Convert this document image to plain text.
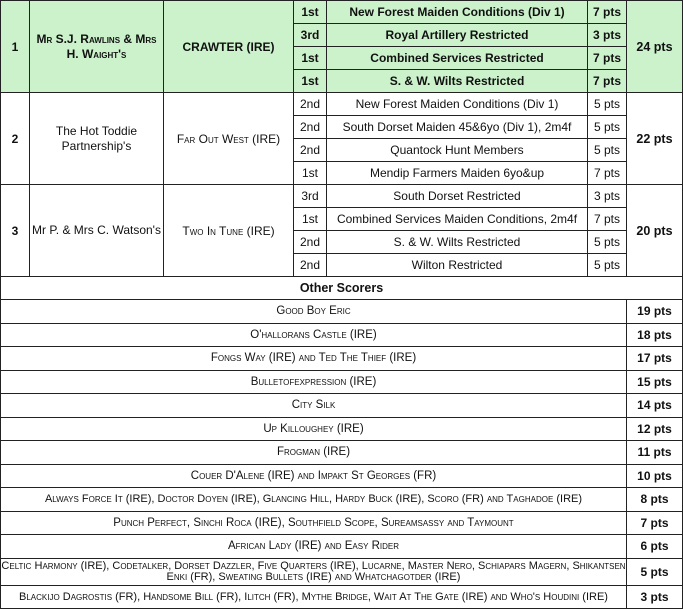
1	Mr S.J. Rawlins & Mrs H. Waight's	CRAWTER (IRE)	1st	New Forest Maiden Conditions (Div 1)	7 pts	24 pts
			3rd	Royal Artillery Restricted	3 pts	
			1st	Combined Services Restricted	7 pts	
			1st	S. & W. Wilts Restricted	7 pts	
2	The Hot Toddie Partnership's	Far Out West (IRE)	2nd	New Forest Maiden Conditions (Div 1)	5 pts	22 pts
			2nd	South Dorset Maiden 45&6yo (Div 1), 2m4f	5 pts	
			2nd	Quantock Hunt Members	5 pts	
			1st	Mendip Farmers Maiden 6yo&up	7 pts	
3	Mr P. & Mrs C. Watson's	Two In Tune (IRE)	3rd	South Dorset Restricted	3 pts	20 pts
			1st	Combined Services Maiden Conditions, 2m4f	7 pts	
			2nd	S. & W. Wilts Restricted	5 pts	
			2nd	Wilton Restricted	5 pts	
Other Scorers						
Good Boy Eric						19 pts
O'hallorans Castle (IRE)						18 pts
Fongs Way (IRE) and Ted The Thief (IRE)						17 pts
Bulletofexpression (IRE)						15 pts
City Silk						14 pts
Up Killoughey (IRE)						12 pts
Frogman (IRE)						11 pts
Couer D'Alene (IRE) and Impakt St Georges (FR)						10 pts
Always Force It (IRE), Doctor Doyen (IRE), Glancing Hill, Hardy Buck (IRE), Scoro (FR) and Taghadoe (IRE)						8 pts
Punch Perfect, Sinchi Roca (IRE), Southfield Scope, Sureamsassy and Taymount						7 pts
African Lady (IRE) and Easy Rider						6 pts
Celtic Harmony (IRE), Codetalker, Dorset Dazzler, Five Quarters (IRE), Lucarne, Master Nero, Schiapars Magern, Shikantsen Enki (FR), Sweating Bullets (IRE) and Whatchagotder (IRE)						5 pts
Blackijo Dagrostis (FR), Handsome Bill (FR), Ilitch (FR), Mythe Bridge, Wait At The Gate (IRE) and Who's Houdini (IRE)						3 pts
